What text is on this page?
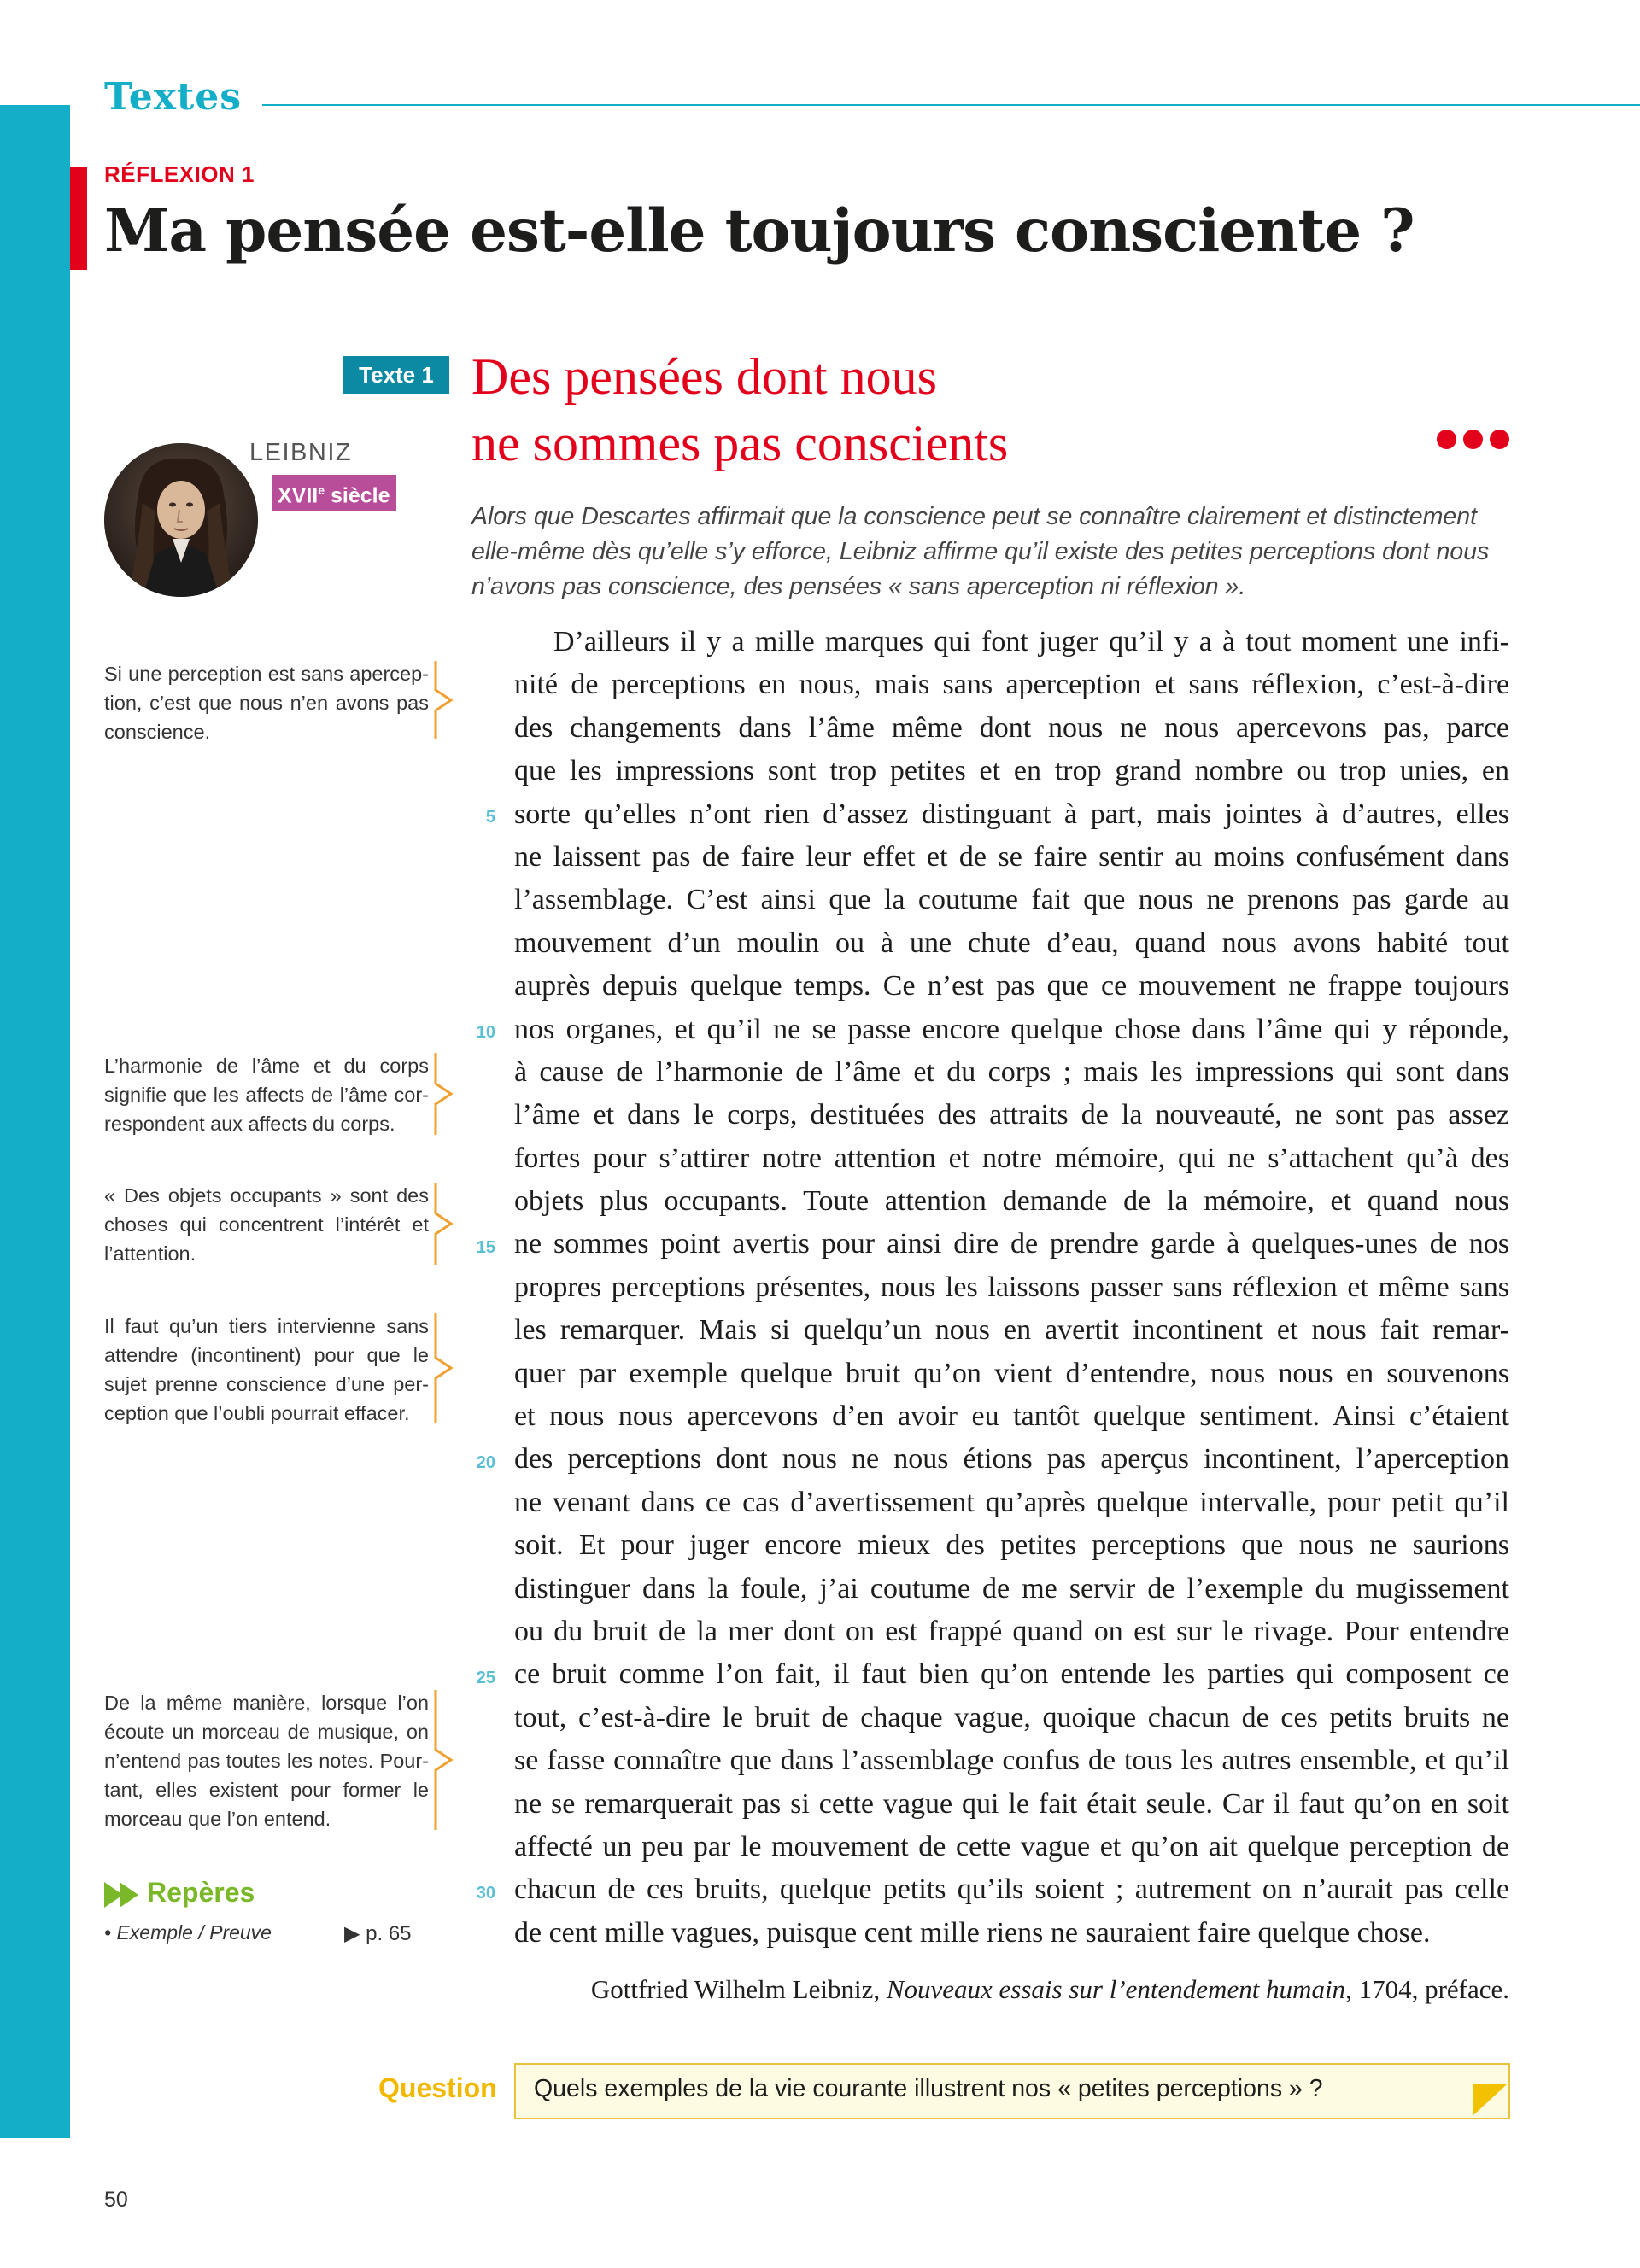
Textes
RÉFLEXION 1
Ma pensée est-elle toujours consciente ?
Texte 1 Des pensées dont nous
ne sommes pas conscients
LEIBNIZ
XVIIe siècle
Alors que Descartes affirmait que la conscience peut se connaître clairement et distinctement elle-même dès qu’elle s’y efforce, Leibniz affirme qu’il existe des petites perceptions dont nous n’avons pas conscience, des pensées « sans aperception ni réflexion ».
Si une perception est sans apercep-tion, c’est que nous n’en avons pas conscience.
L’harmonie de l’âme et du corps signifie que les affects de l’âme cor-respondent aux affects du corps.
« Des objets occupants » sont des choses qui concentrent l’intérêt et l’attention.
Il faut qu’un tiers intervienne sans attendre (incontinent) pour que le sujet prenne conscience d’une per-ception que l’oubli pourrait effacer.
De la même manière, lorsque l’on écoute un morceau de musique, on n’entend pas toutes les notes. Pour-tant, elles existent pour former le morceau que l’on entend.
D’ailleurs il y a mille marques qui font juger qu’il y a à tout moment une infi-
nité de perceptions en nous, mais sans aperception et sans réflexion, c’est-à-dire
des changements dans l’âme même dont nous ne nous apercevons pas, parce
que les impressions sont trop petites et en trop grand nombre ou trop unies, en
sorte qu’elles n’ont rien d’assez distinguant à part, mais jointes à d’autres, elles
ne laissent pas de faire leur effet et de se faire sentir au moins confusément dans
l’assemblage. C’est ainsi que la coutume fait que nous ne prenons pas garde au
mouvement d’un moulin ou à une chute d’eau, quand nous avons habité tout
auprès depuis quelque temps. Ce n’est pas que ce mouvement ne frappe toujours
nos organes, et qu’il ne se passe encore quelque chose dans l’âme qui y réponde,
à cause de l’harmonie de l’âme et du corps ; mais les impressions qui sont dans
l’âme et dans le corps, destituées des attraits de la nouveauté, ne sont pas assez
fortes pour s’attirer notre attention et notre mémoire, qui ne s’attachent qu’à des
objets plus occupants. Toute attention demande de la mémoire, et quand nous
ne sommes point avertis pour ainsi dire de prendre garde à quelques-unes de nos
propres perceptions présentes, nous les laissons passer sans réflexion et même sans
les remarquer. Mais si quelqu’un nous en avertit incontinent et nous fait remar-
quer par exemple quelque bruit qu’on vient d’entendre, nous nous en souvenons
et nous nous apercevons d’en avoir eu tantôt quelque sentiment. Ainsi c’étaient
des perceptions dont nous ne nous étions pas aperçus incontinent, l’aperception
ne venant dans ce cas d’avertissement qu’après quelque intervalle, pour petit qu’il
soit. Et pour juger encore mieux des petites perceptions que nous ne saurions
distinguer dans la foule, j’ai coutume de me servir de l’exemple du mugissement
ou du bruit de la mer dont on est frappé quand on est sur le rivage. Pour entendre
ce bruit comme l’on fait, il faut bien qu’on entende les parties qui composent ce
tout, c’est-à-dire le bruit de chaque vague, quoique chacun de ces petits bruits ne
se fasse connaître que dans l’assemblage confus de tous les autres ensemble, et qu’il
ne se remarquerait pas si cette vague qui le fait était seule. Car il faut qu’on en soit
affecté un peu par le mouvement de cette vague et qu’on ait quelque perception de
chacun de ces bruits, quelque petits qu’ils soient ; autrement on n’aurait pas celle
de cent mille vagues, puisque cent mille riens ne sauraient faire quelque chose.
5
10
15
20
25
30
Gottfried Wilhelm Leibniz, Nouveaux essais sur l’entendement humain, 1704, préface.
Repères
• Exemple / Preuve	▶ p. 65
Question Quels exemples de la vie courante illustrent nos « petites perceptions » ?
50
